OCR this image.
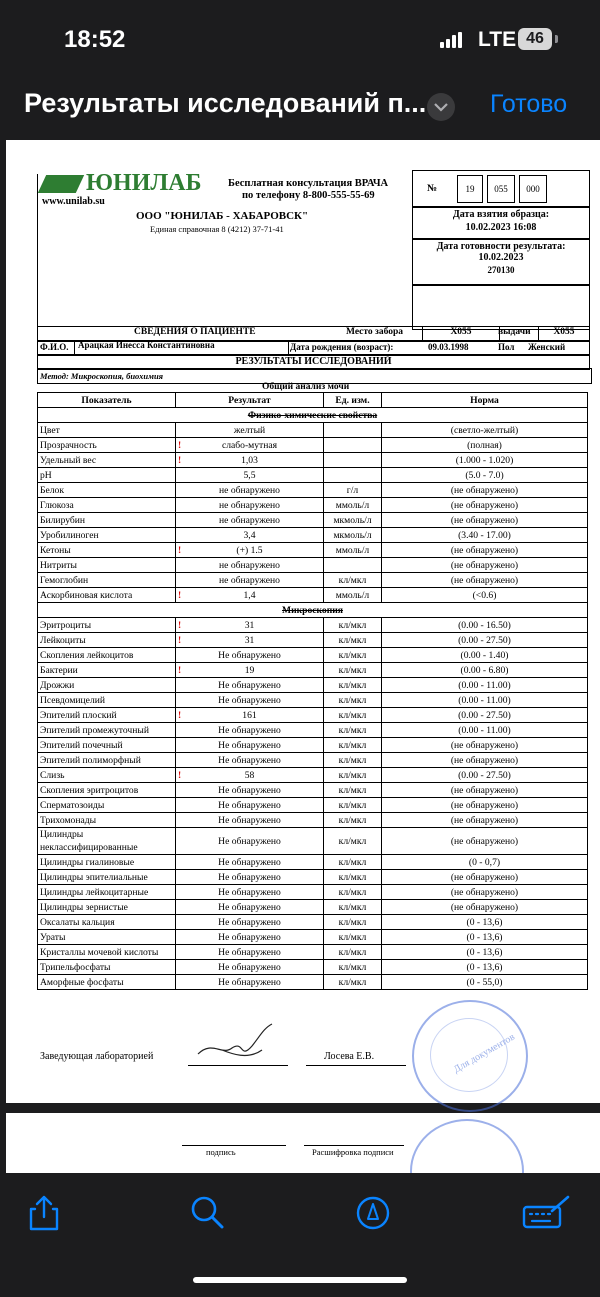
18:52	LTE 46
Результаты исследований п...	Готово
ЮНИЛАБ
www.unilab.su
Бесплатная консультация ВРАЧА
по телефону 8-800-555-55-69
ООО "ЮНИЛАБ - ХАБАРОВСК"
Единая справочная 8 (4212) 37-71-41
№	19	055	000
Дата взятия образца:
10.02.2023 16:08
Дата готовности результата:
10.02.2023
270130
СВЕДЕНИЯ О ПАЦИЕНТЕ	Место забора	X055	выдачи	X055
Ф.И.О.	Арацкая Инесса Константиновна	Дата рождения (возраст):	09.03.1998	Пол Женский
РЕЗУЛЬТАТЫ ИССЛЕДОВАНИЙ
Метод: Микроскопия, биохимия
Общий анализ мочи
Показатель	Результат	Ед. изм.	Норма
Физико-химические свойства			
Цвет	желтый		(светло-желтый)
Прозрачность	! слабо-мутная		(полная)
Удельный вес	! 1,03		(1.000 - 1.020)
pH	5,5		(5.0 - 7.0)
Белок	не обнаружено	г/л	(не обнаружено)
Глюкоза	не обнаружено	ммоль/л	(не обнаружено)
Билирубин	не обнаружено	мкмоль/л	(не обнаружено)
Уробилиноген	3,4	мкмоль/л	(3.40 - 17.00)
Кетоны	! (+) 1.5	ммоль/л	(не обнаружено)
Нитриты	не обнаружено		(не обнаружено)
Гемоглобин	не обнаружено	кл/мкл	(не обнаружено)
Аскорбиновая кислота	! 1,4	ммоль/л	(<0.6)
Микроскопия			
Эритроциты	! 31	кл/мкл	(0.00 - 16.50)
Лейкоциты	! 31	кл/мкл	(0.00 - 27.50)
Скопления лейкоцитов	Не обнаружено	кл/мкл	(0.00 - 1.40)
Бактерии	! 19	кл/мкл	(0.00 - 6.80)
Дрожжи	Не обнаружено	кл/мкл	(0.00 - 11.00)
Псевдомицелий	Не обнаружено	кл/мкл	(0.00 - 11.00)
Эпителий плоский	! 161	кл/мкл	(0.00 - 27.50)
Эпителий промежуточный	Не обнаружено	кл/мкл	(0.00 - 11.00)
Эпителий почечный	Не обнаружено	кл/мкл	(не обнаружено)
Эпителий полиморфный	Не обнаружено	кл/мкл	(не обнаружено)
Слизь	! 58	кл/мкл	(0.00 - 27.50)
Скопления эритроцитов	Не обнаружено	кл/мкл	(не обнаружено)
Сперматозоиды	Не обнаружено	кл/мкл	(не обнаружено)
Трихомонады	Не обнаружено	кл/мкл	(не обнаружено)
Цилиндры неклассифицированные	Не обнаружено	кл/мкл	(не обнаружено)
Цилиндры гиалиновые	Не обнаружено	кл/мкл	(0 - 0,7)
Цилиндры эпителиальные	Не обнаружено	кл/мкл	(не обнаружено)
Цилиндры лейкоцитарные	Не обнаружено	кл/мкл	(не обнаружено)
Цилиндры зернистые	Не обнаружено	кл/мкл	(не обнаружено)
Оксалаты кальция	Не обнаружено	кл/мкл	(0 - 13,6)
Ураты	Не обнаружено	кл/мкл	(0 - 13,6)
Кристаллы мочевой кислоты	Не обнаружено	кл/мкл	(0 - 13,6)
Трипельфосфаты	Не обнаружено	кл/мкл	(0 - 13,6)
Аморфные фосфаты	Не обнаружено	кл/мкл	(0 - 55,0)
Заведующая лабораторией	Лосева Е.В.	Для документов
подпись	Расшифровка подписи
